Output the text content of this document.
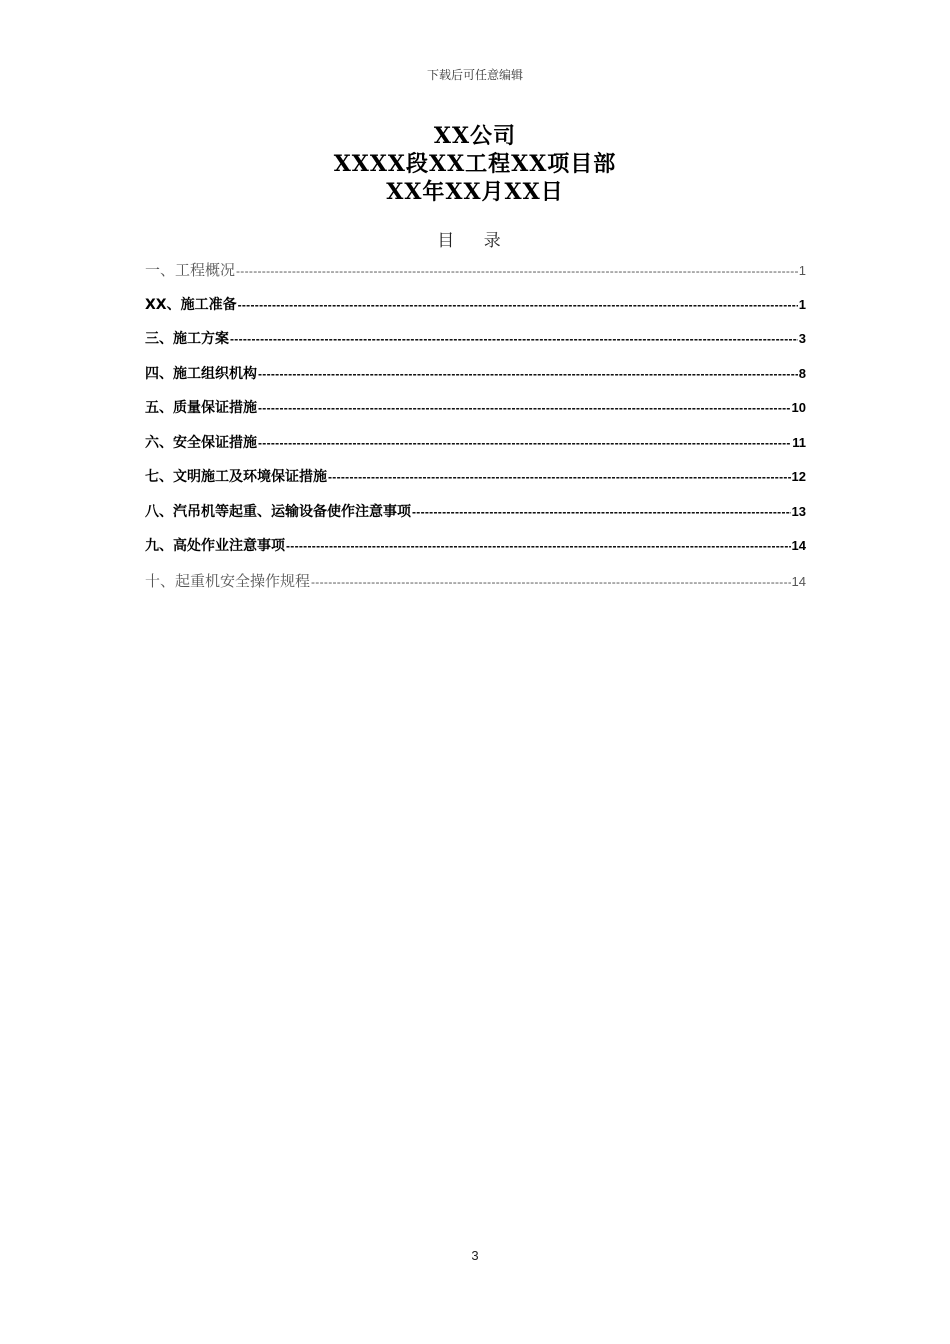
下载后可任意编辑
XX公司
XXXX段XX工程XX项目部
XX年XX月XX日
目 录
一、工程概况 -----	1
XX、施工准备 -----	1
三、施工方案 -----	3
四、施工组织机构 -----	8
五、质量保证措施 -----	10
六、安全保证措施 -----	11
七、文明施工及环境保证措施 -----	12
八、汽吊机等起重、运输设备使作注意事项 -----	13
九、高处作业注意事项 -----	14
十、起重机安全操作规程 -----	14
3
